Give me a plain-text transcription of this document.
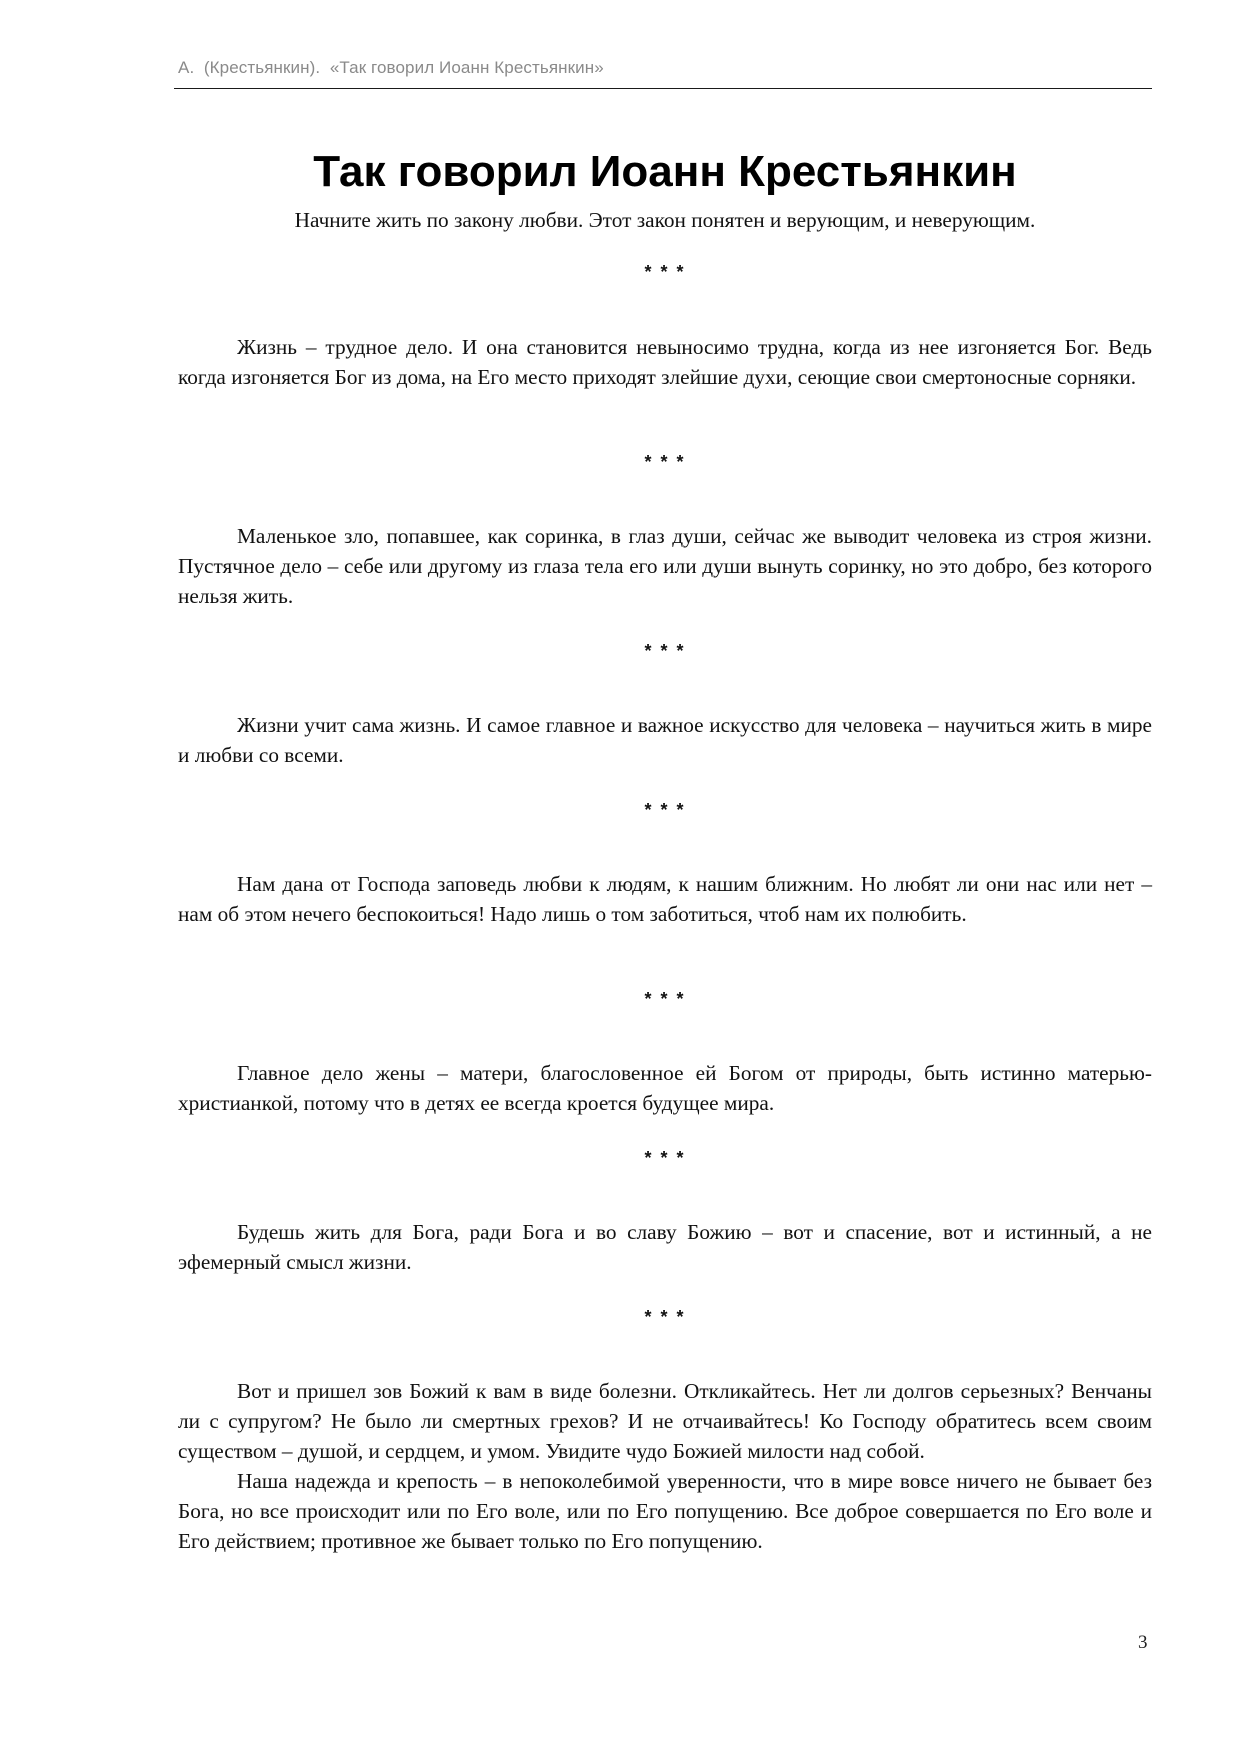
А.  (Крестьянкин).  «Так говорил Иоанн Крестьянкин»
Так говорил Иоанн Крестьянкин

Начните жить по закону любви. Этот закон понятен и верующим, и неверующим.

* * *

Жизнь – трудное дело. И она становится невыносимо трудна, когда из нее изгоняется Бог. Ведь когда изгоняется Бог из дома, на Его место приходят злейшие духи, сеющие свои смертоносные сорняки.

* * *

Маленькое зло, попавшее, как соринка, в глаз души, сейчас же выводит человека из строя жизни. Пустячное дело – себе или другому из глаза тела его или души вынуть соринку, но это добро, без которого нельзя жить.

* * *

Жизни учит сама жизнь. И самое главное и важное искусство для человека – научиться жить в мире и любви со всеми.

* * *

Нам дана от Господа заповедь любви к людям, к нашим ближним. Но любят ли они нас или нет – нам об этом нечего беспокоиться! Надо лишь о том заботиться, чтоб нам их полюбить.

* * *

Главное дело жены – матери, благословенное ей Богом от природы, быть истинно матерью-христианкой, потому что в детях ее всегда кроется будущее мира.

* * *

Будешь жить для Бога, ради Бога и во славу Божию – вот и спасение, вот и истинный, а не эфемерный смысл жизни.

* * *

Вот и пришел зов Божий к вам в виде болезни. Откликайтесь. Нет ли долгов серьезных? Венчаны ли с супругом? Не было ли смертных грехов? И не отчаивайтесь! Ко Господу обратитесь всем своим существом – душой, и сердцем, и умом. Увидите чудо Божией милости над собой.

Наша надежда и крепость – в непоколебимой уверенности, что в мире вовсе ничего не бывает без Бога, но все происходит или по Его воле, или по Его попущению. Все доброе совершается по Его воле и Его действием; противное же бывает только по Его попущению.

3
